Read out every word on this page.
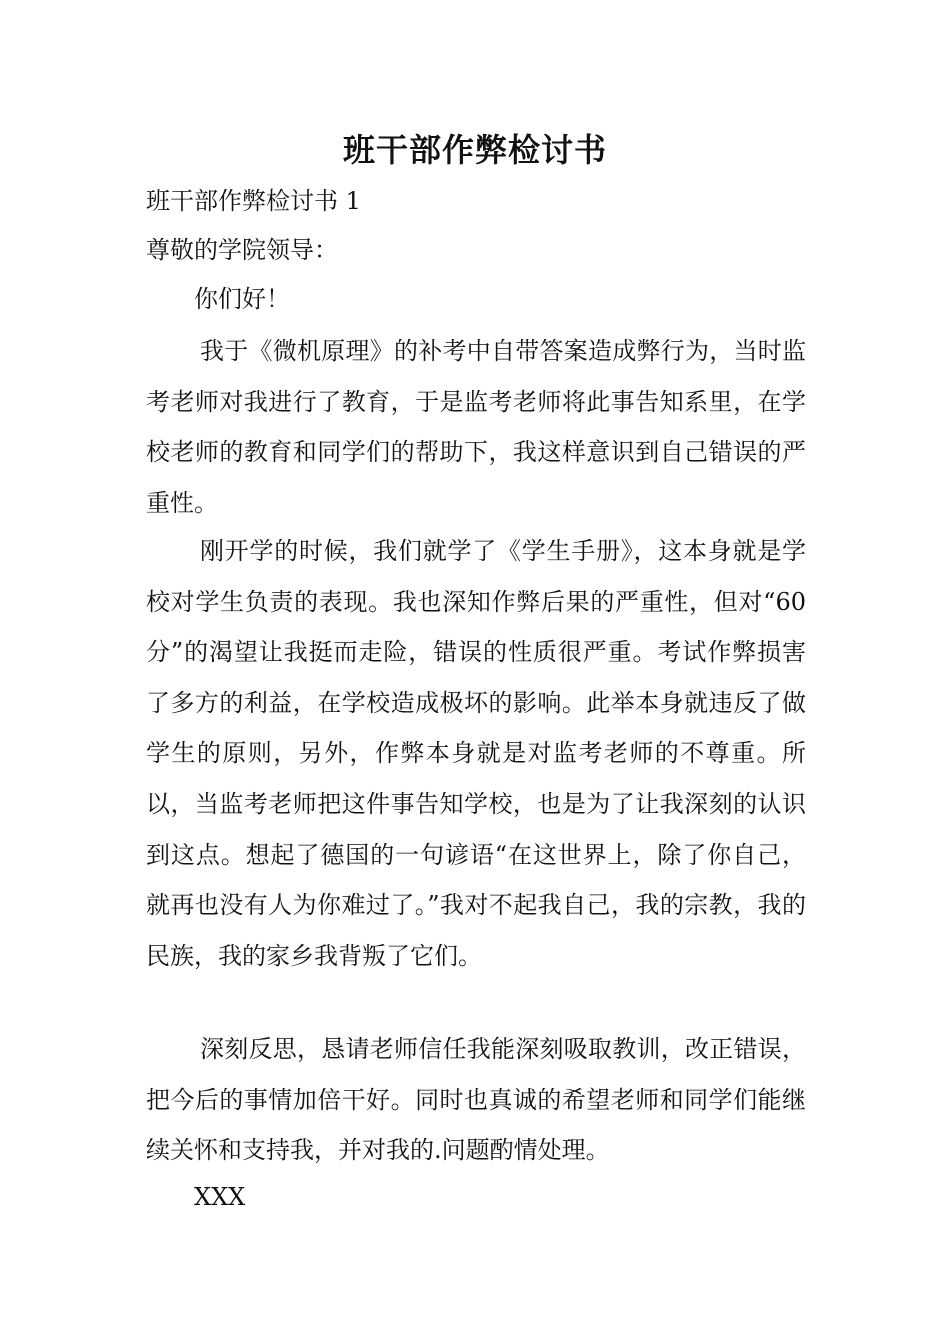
班干部作弊检讨书

班干部作弊检讨书 1

尊敬的学院领导：

你们好！

我于《微机原理》的补考中自带答案造成弊行为，当时监考老师对我进行了教育，于是监考老师将此事告知系里，在学校老师的教育和同学们的帮助下，我这样意识到自己错误的严重性。

刚开学的时候，我们就学了《学生手册》，这本身就是学校对学生负责的表现。我也深知作弊后果的严重性，但对“60 分”的渴望让我挺而走险，错误的性质很严重。考试作弊损害了多方的利益，在学校造成极坏的影响。此举本身就违反了做学生的原则，另外，作弊本身就是对监考老师的不尊重。所以，当监考老师把这件事告知学校，也是为了让我深刻的认识到这点。想起了德国的一句谚语“在这世界上，除了你自己，就再也没有人为你难过了。”我对不起我自己，我的宗教，我的民族，我的家乡我背叛了它们。

深刻反思，恳请老师信任我能深刻吸取教训，改正错误，把今后的事情加倍干好。同时也真诚的希望老师和同学们能继续关怀和支持我，并对我的.问题酌情处理。

XXX
